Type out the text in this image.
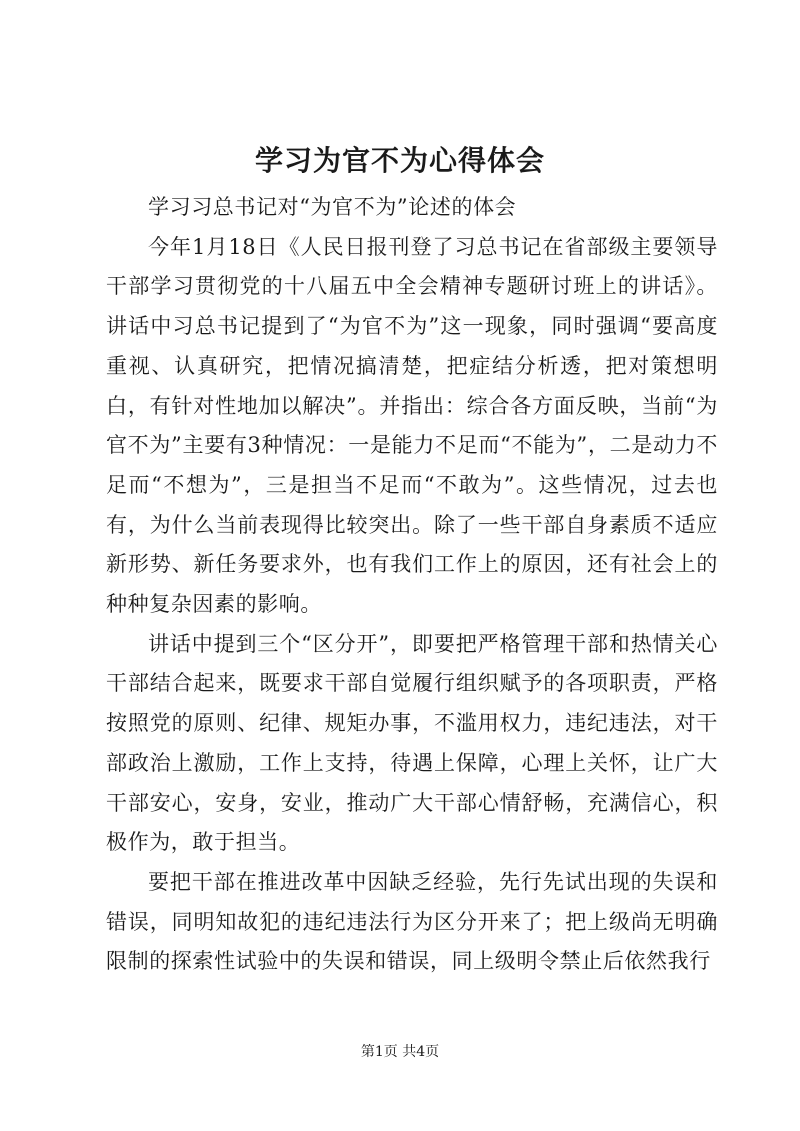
学习为官不为心得体会

学习习总书记对“为官不为”论述的体会

今年1月18日《人民日报刊登了习总书记在省部级主要领导干部学习贯彻党的十八届五中全会精神专题研讨班上的讲话》。讲话中习总书记提到了“为官不为”这一现象，同时强调“要高度重视、认真研究，把情况搞清楚，把症结分析透，把对策想明白，有针对性地加以解决”。并指出：综合各方面反映，当前“为官不为”主要有3种情况：一是能力不足而“不能为”，二是动力不足而“不想为”，三是担当不足而“不敢为”。这些情况，过去也有，为什么当前表现得比较突出。除了一些干部自身素质不适应新形势、新任务要求外，也有我们工作上的原因，还有社会上的种种复杂因素的影响。

讲话中提到三个“区分开”，即要把严格管理干部和热情关心干部结合起来，既要求干部自觉履行组织赋予的各项职责，严格按照党的原则、纪律、规矩办事，不滥用权力，违纪违法，对干部政治上激励，工作上支持，待遇上保障，心理上关怀，让广大干部安心，安身，安业，推动广大干部心情舒畅，充满信心，积极作为，敢于担当。

要把干部在推进改革中因缺乏经验，先行先试出现的失误和错误，同明知故犯的违纪违法行为区分开来了；把上级尚无明确限制的探索性试验中的失误和错误，同上级明令禁止后依然我行

第1页 共4页
